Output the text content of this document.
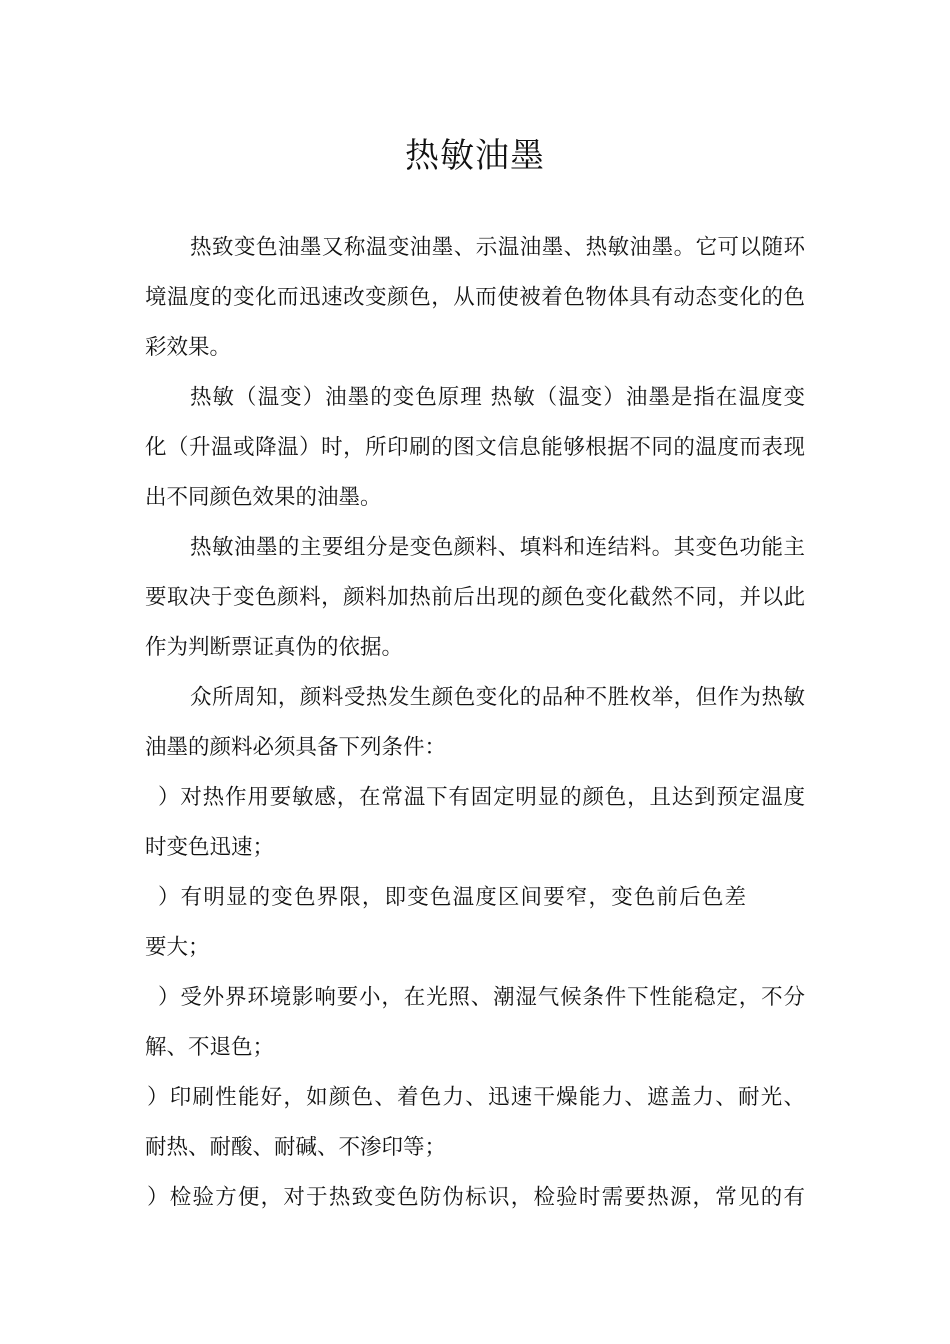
热敏油墨
热致变色油墨又称温变油墨、示温油墨、热敏油墨。它可以随环
境温度的变化而迅速改变颜色，从而使被着色物体具有动态变化的色
彩效果。
热敏（温变）油墨的变色原理 热敏（温变）油墨是指在温度变
化（升温或降温）时，所印刷的图文信息能够根据不同的温度而表现
出不同颜色效果的油墨。
热敏油墨的主要组分是变色颜料、填料和连结料。其变色功能主
要取决于变色颜料，颜料加热前后出现的颜色变化截然不同，并以此
作为判断票证真伪的依据。
众所周知，颜料受热发生颜色变化的品种不胜枚举，但作为热敏
油墨的颜料必须具备下列条件：
）对热作用要敏感，在常温下有固定明显的颜色，且达到预定温度
时变色迅速；
）有明显的变色界限，即变色温度区间要窄，变色前后色差
要大；
）受外界环境影响要小，在光照、潮湿气候条件下性能稳定，不分
解、不退色；
）印刷性能好，如颜色、着色力、迅速干燥能力、遮盖力、耐光、
耐热、耐酸、耐碱、不渗印等；
）检验方便，对于热致变色防伪标识，检验时需要热源，常见的有
